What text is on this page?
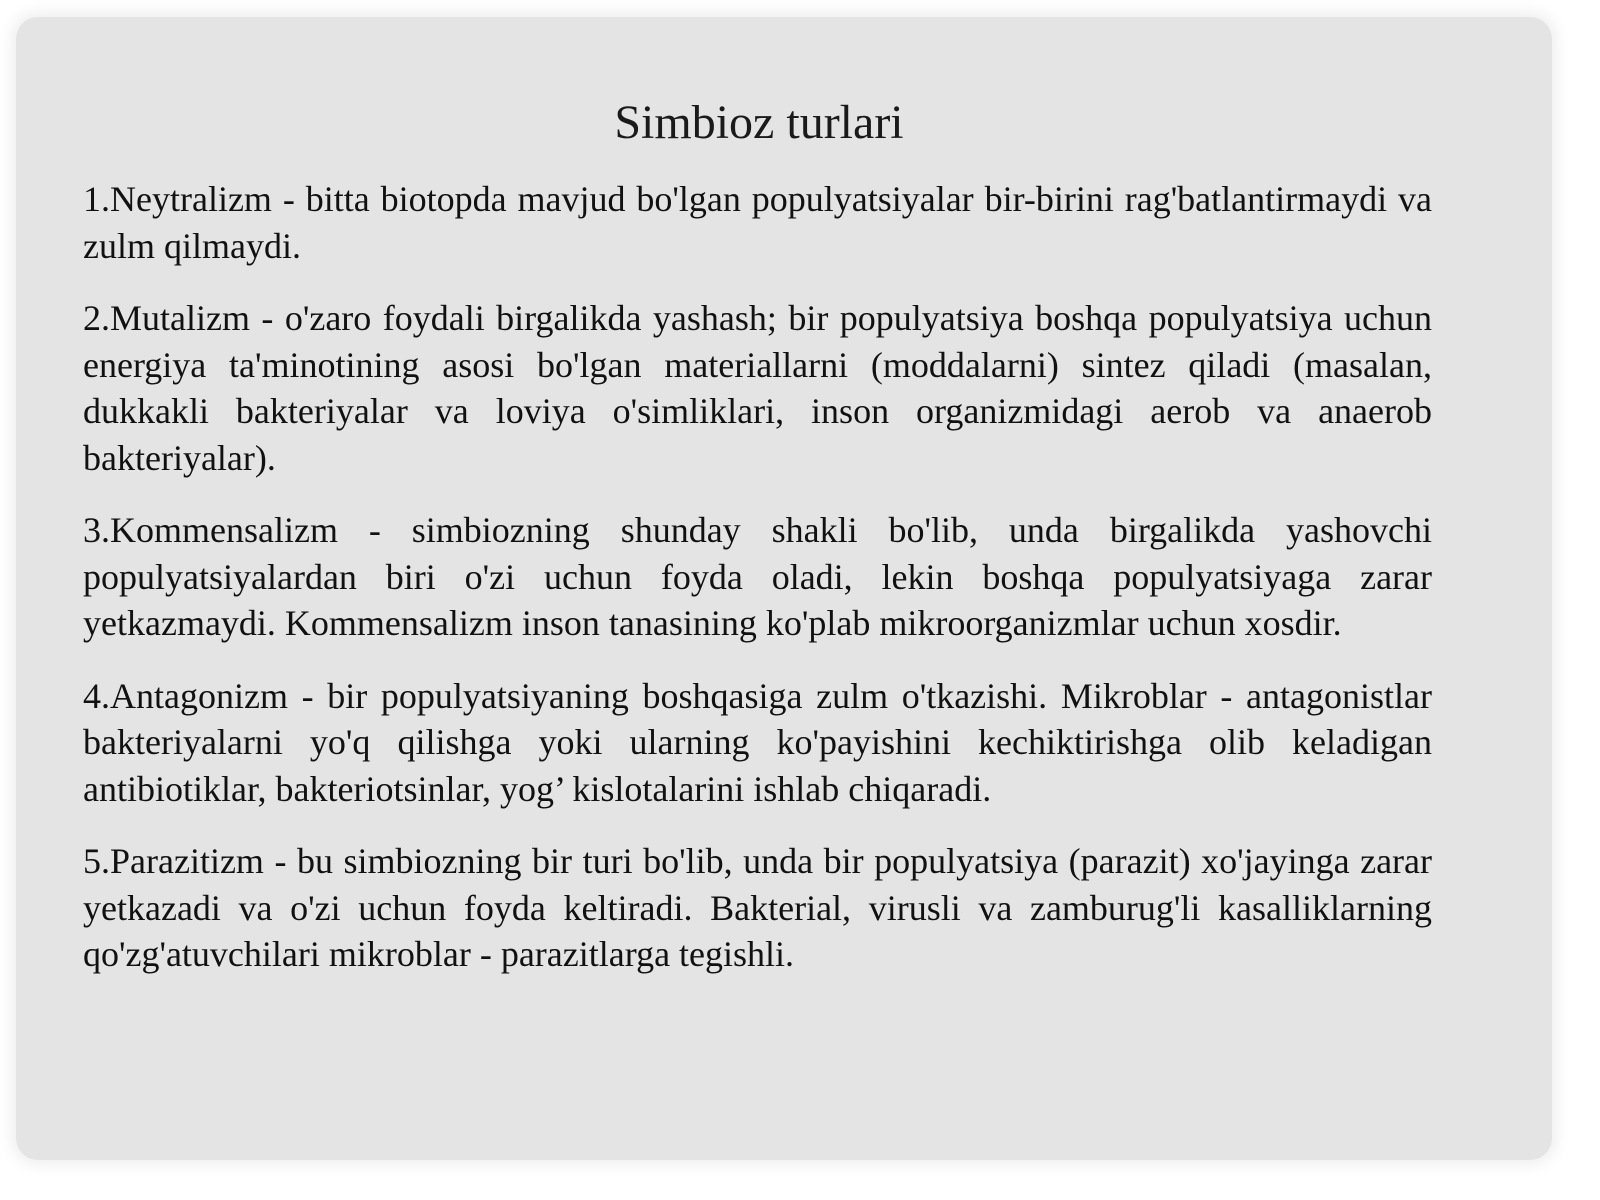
Simbioz turlari

1.Neytralizm - bitta biotopda mavjud bo'lgan populyatsiyalar bir-birini rag'batlantirmaydi va zulm qilmaydi.

2.Mutalizm - o'zaro foydali birgalikda yashash; bir populyatsiya boshqa populyatsiya uchun energiya ta'minotining asosi bo'lgan materiallarni (moddalarni) sintez qiladi (masalan, dukkakli bakteriyalar va loviya o'simliklari, inson organizmidagi aerob va anaerob bakteriyalar).

3.Kommensalizm - simbiozning shunday shakli bo'lib, unda birgalikda yashovchi populyatsiyalardan biri o'zi uchun foyda oladi, lekin boshqa populyatsiyaga zarar yetkazmaydi. Kommensalizm inson tanasining ko'plab mikroorganizmlar uchun xosdir.

4.Antagonizm - bir populyatsiyaning boshqasiga zulm o'tkazishi. Mikroblar - antagonistlar bakteriyalarni yo'q qilishga yoki ularning ko'payishini kechiktirishga olib keladigan antibiotiklar, bakteriotsinlar, yog’ kislotalarini ishlab chiqaradi.

5.Parazitizm - bu simbiozning bir turi bo'lib, unda bir populyatsiya (parazit) xo'jayinga zarar yetkazadi va o'zi uchun foyda keltiradi. Bakterial, virusli va zamburug'li kasalliklarning qo'zg'atuvchilari mikroblar - parazitlarga tegishli.
